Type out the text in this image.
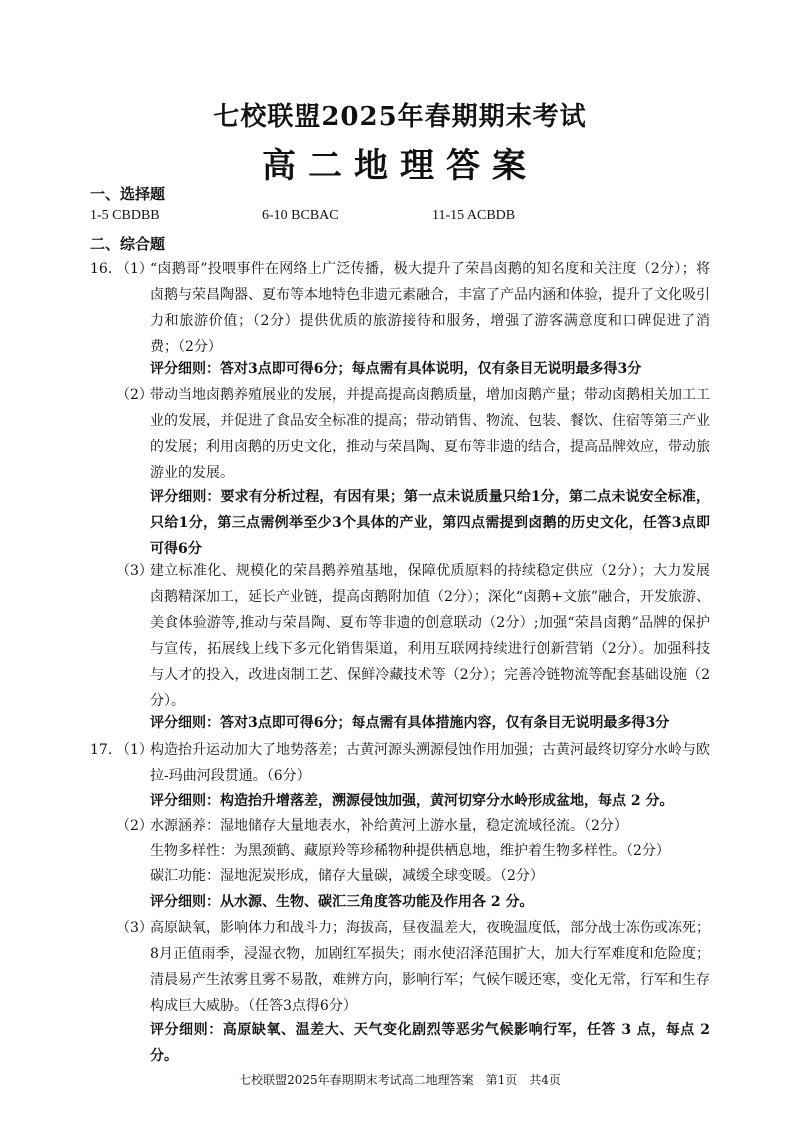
七校联盟2025年春期期末考试
高二地理答案
一、选择题
1-5 CBDBB	6-10 BCBAC	11-15 ACBDB
二、综合题
16. （1）
“卤鹅哥”投喂事件在网络上广泛传播，极大提升了荣昌卤鹅的知名度和关注度（2分）；将卤鹅与荣昌陶器、夏布等本地特色非遗元素融合，丰富了产品内涵和体验，提升了文化吸引力和旅游价值；（2分）提供优质的旅游接待和服务，增强了游客满意度和口碑促进了消费；（2分）
评分细则：答对3点即可得6分；每点需有具体说明，仅有条目无说明最多得3分
（2）
带动当地卤鹅养殖展业的发展，并提高提高卤鹅质量，增加卤鹅产量；带动卤鹅相关加工工业的发展，并促进了食品安全标准的提高；带动销售、物流、包装、餐饮、住宿等第三产业的发展；利用卤鹅的历史文化，推动与荣昌陶、夏布等非遗的结合，提高品牌效应，带动旅游业的发展。
评分细则：要求有分析过程，有因有果；第一点未说质量只给1分，第二点未说安全标准，只给1分，第三点需例举至少3个具体的产业，第四点需提到卤鹅的历史文化，任答3点即可得6分
（3）
建立标准化、规模化的荣昌鹅养殖基地，保障优质原料的持续稳定供应（2分）；大力发展卤鹅精深加工，延长产业链，提高卤鹅附加值（2分）；深化“卤鹅+文旅”融合，开发旅游、美食体验游等,推动与荣昌陶、夏布等非遗的创意联动（2分）;加强“荣昌卤鹅”品牌的保护与宣传，拓展线上线下多元化销售渠道，利用互联网持续进行创新营销（2分）。加强科技与人才的投入，改进卤制工艺、保鲜冷藏技术等（2分）；完善冷链物流等配套基础设施（2分）。
评分细则：答对3点即可得6分；每点需有具体措施内容，仅有条目无说明最多得3分
17. （1）
构造抬升运动加大了地势落差；古黄河源头溯源侵蚀作用加强；古黄河最终切穿分水岭与欧拉-玛曲河段贯通。（6分）
评分细则：构造抬升增落差，溯源侵蚀加强，黄河切穿分水岭形成盆地，每点 2 分。
（2）
水源涵养：湿地储存大量地表水，补给黄河上游水量，稳定流域径流。（2分）
生物多样性：为黑颈鹤、藏原羚等珍稀物种提供栖息地，维护着生物多样性。（2分）
碳汇功能：湿地泥炭形成，储存大量碳，减缓全球变暖。（2分）
评分细则：从水源、生物、碳汇三角度答功能及作用各 2 分。
（3）
高原缺氧，影响体力和战斗力；海拔高，昼夜温差大，夜晚温度低，部分战士冻伤或冻死；8月正值雨季，浸湿衣物，加剧红军损失；雨水使沼泽范围扩大，加大行军难度和危险度；清晨易产生浓雾且雾不易散，难辨方向，影响行军；气候乍暖还寒，变化无常，行军和生存构成巨大威胁。（任答3点得6分）
评分细则：高原缺氧、温差大、天气变化剧烈等恶劣气候影响行军，任答 3 点，每点 2 分。
七校联盟2025年春期期末考试高二地理答案　第1页　共4页
